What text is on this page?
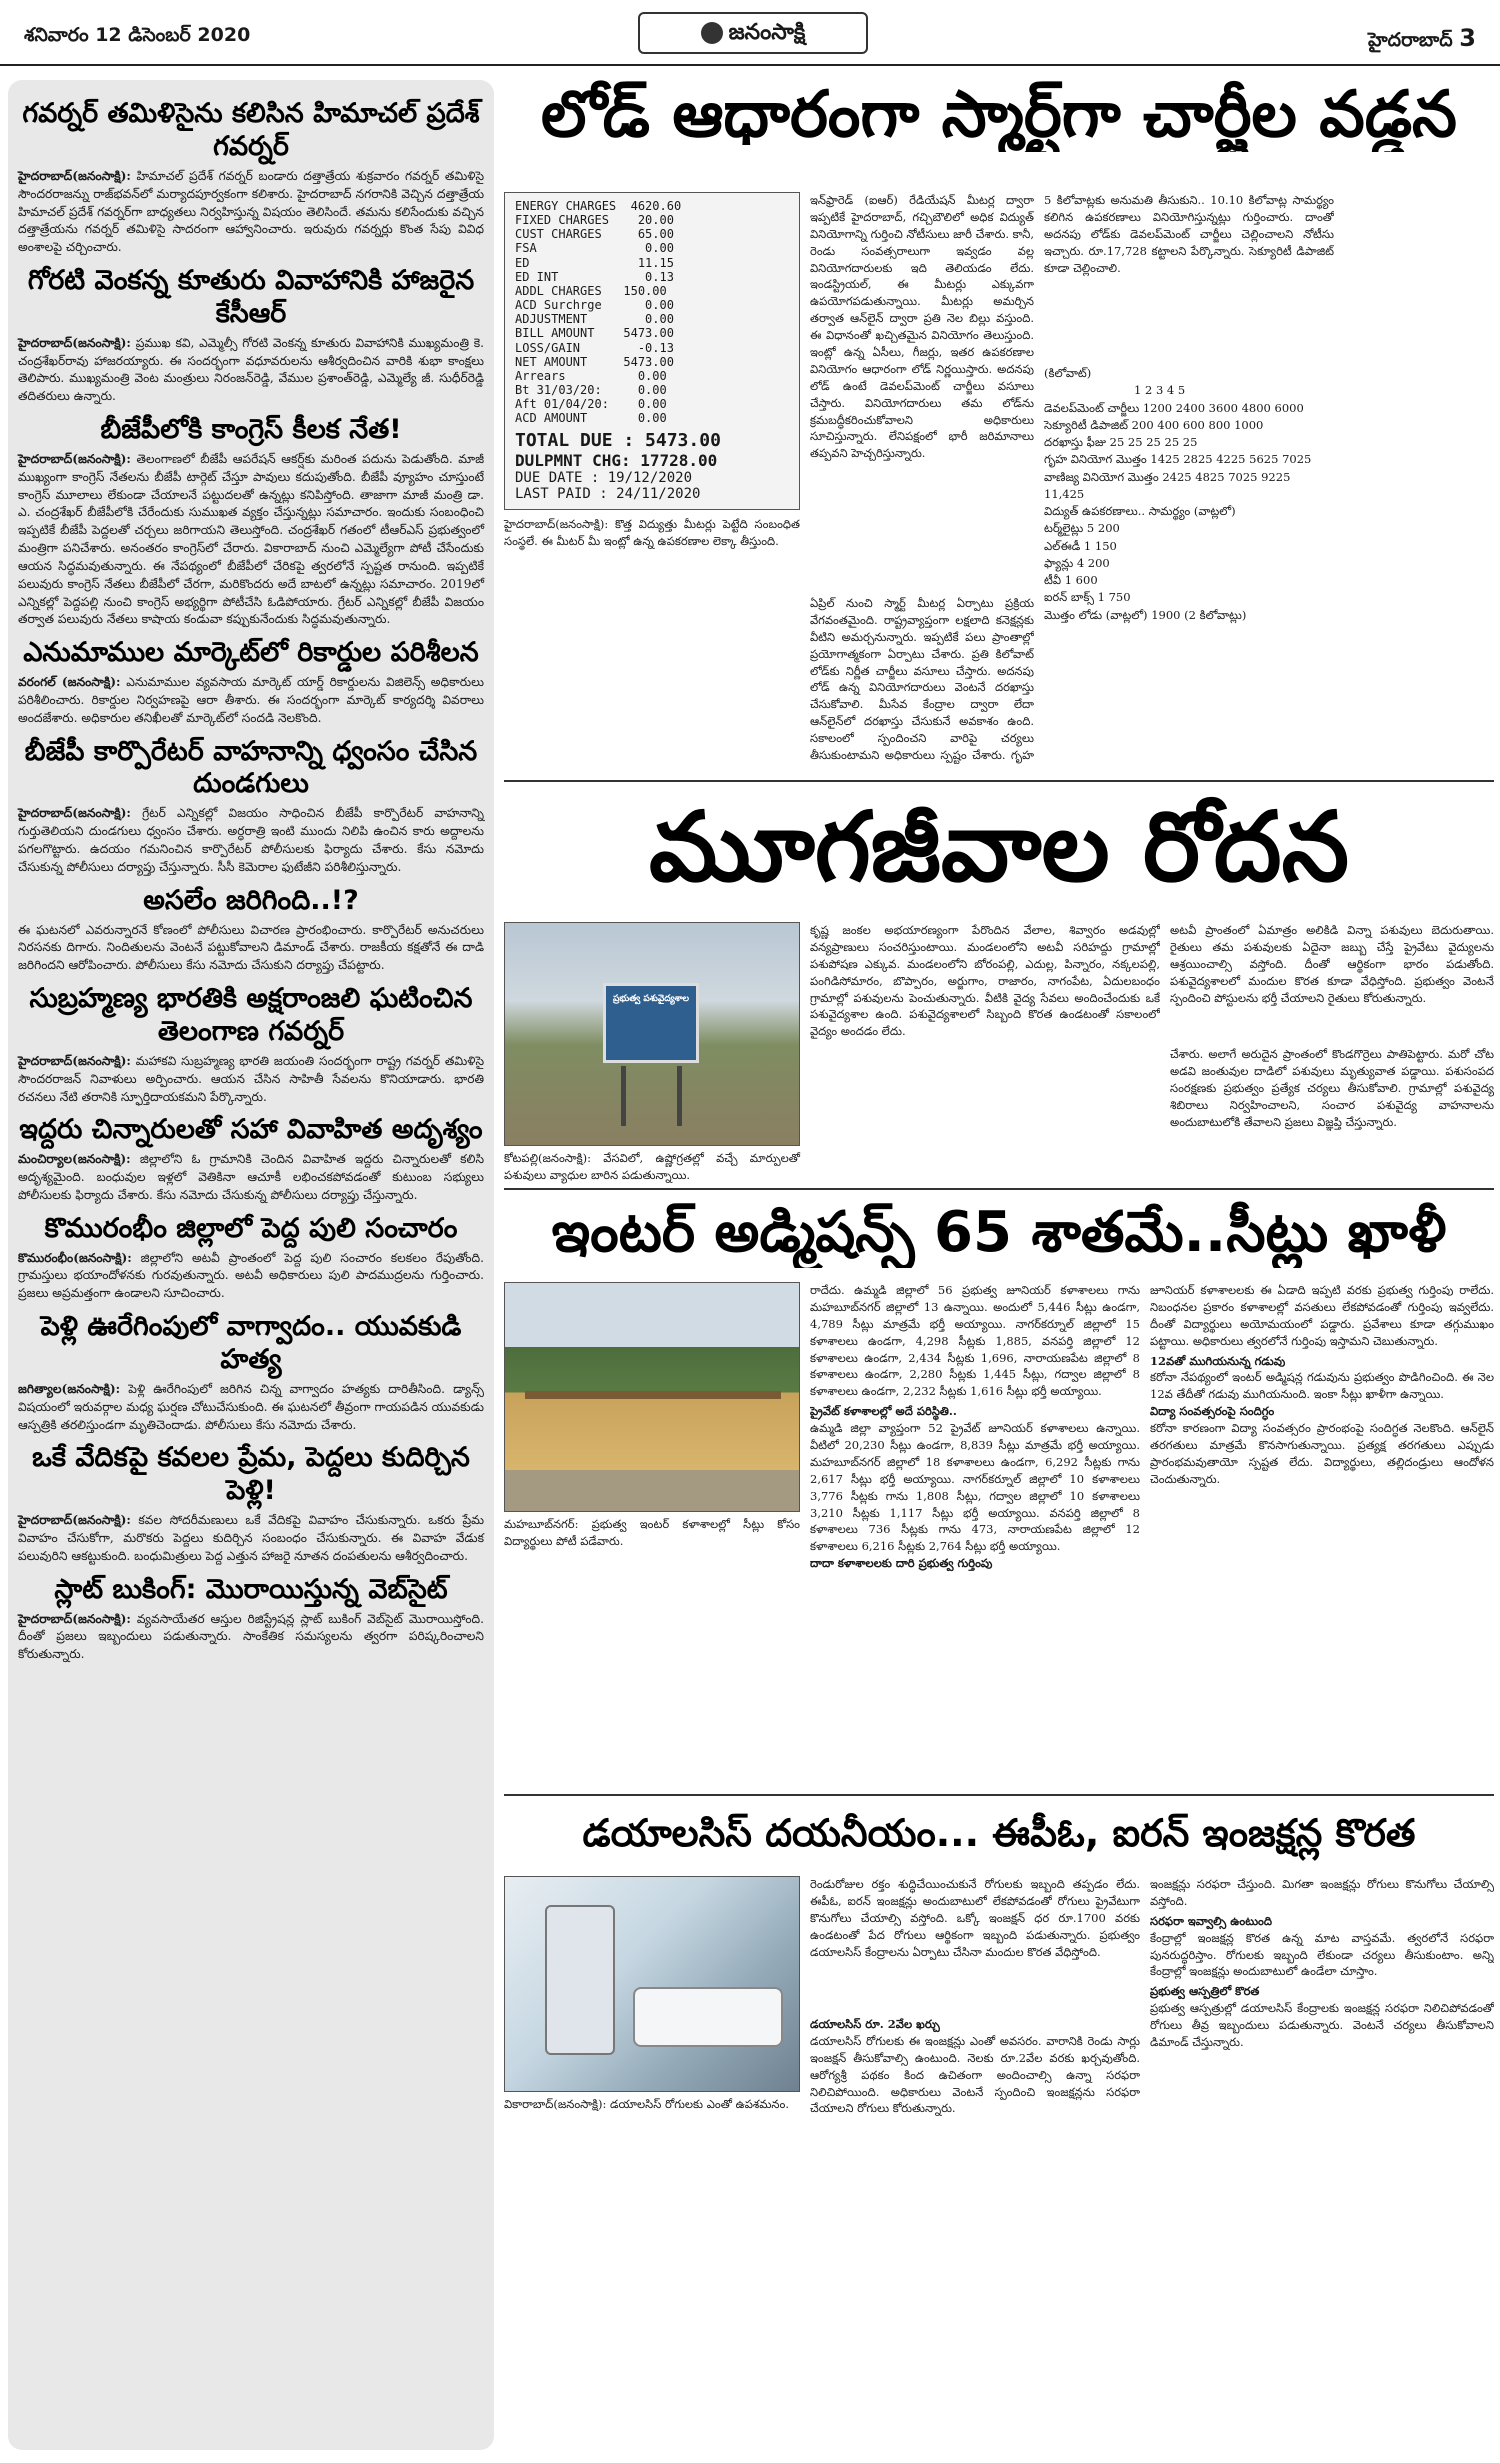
శనివారం 12 డిసెంబర్ 2020	జనంసాక్షి	హైదరాబాద్ 3
గవర్నర్ తమిళిసైను కలిసిన హిమాచల్ ప్రదేశ్ గవర్నర్

హైదరాబాద్(జనంసాక్షి): హిమాచల్ ప్రదేశ్ గవర్నర్ బండారు దత్తాత్రేయ శుక్రవారం గవర్నర్ తమిళిసై సౌందరరాజన్ను రాజ్‌భవన్‌లో మర్యాదపూర్వకంగా కలిశారు. హైదరాబాద్ నగరానికి వెచ్చిన దత్తాత్రేయ హిమాచల్ ప్రదేశ్ గవర్నర్‌గా బాధ్యతలు నిర్వహిస్తున్న విషయం తెలిసిందే. తమను కలిసేందుకు వచ్చిన దత్తాత్రేయను గవర్నర్ తమిళిసై సాదరంగా ఆహ్వానించారు. ఇరువురు గవర్నర్లు కొంత సేపు వివిధ అంశాలపై చర్చించారు.

గోరటి వెంకన్న కూతురు వివాహానికి హాజరైన కేసీఆర్

హైదరాబాద్(జనంసాక్షి): ప్రముఖ కవి, ఎమ్మెల్సీ గోరటి వెంకన్న కూతురు వివాహానికి ముఖ్యమంత్రి కె. చంద్రశేఖర్‌రావు హాజరయ్యారు. ఈ సందర్భంగా వధూవరులను ఆశీర్వదించిన వారికి శుభా కాంక్షలు తెలిపారు. ముఖ్యమంత్రి వెంట మంత్రులు నిరంజన్‌రెడ్డి, వేముల ప్రశాంత్‌రెడ్డి, ఎమ్మెల్యే జీ. సుధీర్‌రెడ్డి తదితరులు ఉన్నారు.

బీజేపీలోకి కాంగ్రెస్ కీలక నేత!

హైదరాబాద్(జనంసాక్షి): తెలంగాణలో బీజేపీ ఆపరేషన్ ఆకర్ష్‌కు మరింత పదును పెడుతోంది. మాజీ ముఖ్యంగా కాంగ్రెస్ నేతలను బీజేపీ టార్గెట్ చేస్తూ పావులు కదుపుతోంది. బీజేపీ వ్యూహం చూస్తుంటే కాంగ్రెస్ మూలాలు లేకుండా చేయాలనే పట్టుదలతో ఉన్నట్లు కనిపిస్తోంది. తాజాగా మాజీ మంత్రి డా. ఎ. చంద్రశేఖర్ బీజేపీలోకి చేరేందుకు సుముఖత వ్యక్తం చేస్తున్నట్లు సమాచారం. ఇందుకు సంబంధించి ఇప్పటికే బీజేపీ పెద్దలతో చర్చలు జరిగాయని తెలుస్తోంది. చంద్రశేఖర్ గతంలో టీఆర్‌ఎస్ ప్రభుత్వంలో మంత్రిగా పనిచేశారు. అనంతరం కాంగ్రెస్‌లో చేరారు. వికారాబాద్ నుంచి ఎమ్మెల్యేగా పోటీ చేసేందుకు ఆయన సిద్ధమవుతున్నారు. ఈ నేపథ్యంలో బీజేపీలో చేరికపై త్వరలోనే స్పష్టత రానుంది. ఇప్పటికే పలువురు కాంగ్రెస్ నేతలు బీజేపీలో చేరగా, మరికొందరు అదే బాటలో ఉన్నట్లు సమాచారం. 2019లో ఎన్నికల్లో పెద్దపల్లి నుంచి కాంగ్రెస్ అభ్యర్థిగా పోటీచేసి ఓడిపోయారు. గ్రేటర్ ఎన్నికల్లో బీజేపీ విజయం తర్వాత పలువురు నేతలు కాషాయ కండువా కప్పుకునేందుకు సిద్ధమవుతున్నారు.

ఎనుమాముల మార్కెట్‌లో రికార్డుల పరిశీలన

వరంగల్ (జనంసాక్షి): ఎనుమాముల వ్యవసాయ మార్కెట్ యార్డ్ రికార్డులను విజిలెన్స్ అధికారులు పరిశీలించారు. రికార్డుల నిర్వహణపై ఆరా తీశారు. ఈ సందర్భంగా మార్కెట్ కార్యదర్శి వివరాలు అందజేశారు. అధికారుల తనిఖీలతో మార్కెట్‌లో సందడి నెలకొంది.

బీజేపీ కార్పొరేటర్ వాహనాన్ని ధ్వంసం చేసిన దుండగులు

హైదరాబాద్(జనంసాక్షి): గ్రేటర్ ఎన్నికల్లో విజయం సాధించిన బీజేపీ కార్పొరేటర్ వాహనాన్ని గుర్తుతెలియని దుండగులు ధ్వంసం చేశారు. అర్ధరాత్రి ఇంటి ముందు నిలిపి ఉంచిన కారు అద్దాలను పగలగొట్టారు. ఉదయం గమనించిన కార్పొరేటర్ పోలీసులకు ఫిర్యాదు చేశారు. కేసు నమోదు చేసుకున్న పోలీసులు దర్యాప్తు చేస్తున్నారు. సీసీ కెమెరాల ఫుటేజీని పరిశీలిస్తున్నారు.

అసలేం జరిగింది..!?

ఈ ఘటనలో ఎవరున్నారనే కోణంలో పోలీసులు విచారణ ప్రారంభించారు. కార్పొరేటర్ అనుచరులు నిరసనకు దిగారు. నిందితులను వెంటనే పట్టుకోవాలని డిమాండ్ చేశారు. రాజకీయ కక్షతోనే ఈ దాడి జరిగిందని ఆరోపించారు. పోలీసులు కేసు నమోదు చేసుకుని దర్యాప్తు చేపట్టారు.

సుబ్రహ్మణ్య భారతికి అక్షరాంజలి ఘటించిన తెలంగాణ గవర్నర్

హైదరాబాద్(జనంసాక్షి): మహాకవి సుబ్రహ్మణ్య భారతి జయంతి సందర్భంగా రాష్ట్ర గవర్నర్ తమిళిసై సౌందరరాజన్ నివాళులు అర్పించారు. ఆయన చేసిన సాహితీ సేవలను కొనియాడారు. భారతి రచనలు నేటి తరానికి స్ఫూర్తిదాయకమని పేర్కొన్నారు.

ఇద్దరు చిన్నారులతో సహా వివాహిత అదృశ్యం

మంచిర్యాల(జనంసాక్షి): జిల్లాలోని ఓ గ్రామానికి చెందిన వివాహిత ఇద్దరు చిన్నారులతో కలిసి అదృశ్యమైంది. బంధువుల ఇళ్లలో వెతికినా ఆచూకీ లభించకపోవడంతో కుటుంబ సభ్యులు పోలీసులకు ఫిర్యాదు చేశారు. కేసు నమోదు చేసుకున్న పోలీసులు దర్యాప్తు చేస్తున్నారు.

కొమురంభీం జిల్లాలో పెద్ద పులి సంచారం

కొమురంభీం(జనంసాక్షి): జిల్లాలోని అటవీ ప్రాంతంలో పెద్ద పులి సంచారం కలకలం రేపుతోంది. గ్రామస్తులు భయాందోళనకు గురవుతున్నారు. అటవీ అధికారులు పులి పాదముద్రలను గుర్తించారు. ప్రజలు అప్రమత్తంగా ఉండాలని సూచించారు.

పెళ్లి ఊరేగింపులో వాగ్వాదం.. యువకుడి హత్య

జగిత్యాల(జనంసాక్షి): పెళ్లి ఊరేగింపులో జరిగిన చిన్న వాగ్వాదం హత్యకు దారితీసింది. డ్యాన్స్ విషయంలో ఇరువర్గాల మధ్య ఘర్షణ చోటుచేసుకుంది. ఈ ఘటనలో తీవ్రంగా గాయపడిన యువకుడు ఆస్పత్రికి తరలిస్తుండగా మృతిచెందాడు. పోలీసులు కేసు నమోదు చేశారు.

ఒకే వేదికపై కవలల ప్రేమ, పెద్దలు కుదిర్చిన పెళ్లి!

హైదరాబాద్(జనంసాక్షి): కవల సోదరీమణులు ఒకే వేదికపై వివాహం చేసుకున్నారు. ఒకరు ప్రేమ వివాహం చేసుకోగా, మరొకరు పెద్దలు కుదిర్చిన సంబంధం చేసుకున్నారు. ఈ వివాహ వేడుక పలువురిని ఆకట్టుకుంది. బంధుమిత్రులు పెద్ద ఎత్తున హాజరై నూతన దంపతులను ఆశీర్వదించారు.

స్లాట్ బుకింగ్: మొరాయిస్తున్న వెబ్‌సైట్

హైదరాబాద్(జనంసాక్షి): వ్యవసాయేతర ఆస్తుల రిజిస్ట్రేషన్ల స్లాట్ బుకింగ్ వెబ్‌సైట్ మొరాయిస్తోంది. దీంతో ప్రజలు ఇబ్బందులు పడుతున్నారు. సాంకేతిక సమస్యలను త్వరగా పరిష్కరించాలని కోరుతున్నారు.

లోడ్ ఆధారంగా స్మార్ట్‌గా చార్జీల వడ్డన
ENERGY CHARGES  4620.60
FIXED CHARGES    20.00
CUST CHARGES     65.00
FSA               0.00
ED               11.15
ED INT            0.13
ADDL CHARGES   150.00
ACD Surchrge      0.00
ADJUSTMENT        0.00
BILL AMOUNT    5473.00
LOSS/GAIN        -0.13
NET AMOUNT     5473.00
Arrears          0.00
Bt 31/03/20:     0.00
Aft 01/04/20:    0.00
ACD AMOUNT       0.00
TOTAL DUE : 5473.00
DULPMNT CHG: 17728.00
DUE DATE : 19/12/2020
LAST PAID : 24/11/2020
హైదరాబాద్(జనంసాక్షి): కొత్త విద్యుత్తు మీటర్లు పెట్టేది సంబంధిత సంస్థలే. ఈ మీటర్ మీ ఇంట్లో ఉన్న ఉపకరణాల లెక్కా తీస్తుంది.
ఇన్‌ఫ్రారెడ్ (ఐఆర్) రేడియేషన్ మీటర్ల ద్వారా ఇప్పటికే హైదరాబాద్, గచ్చిబౌలిలో అధిక విద్యుత్ వినియోగాన్ని గుర్తించి నోటీసులు జారీ చేశారు. కానీ, రెండు సంవత్సరాలుగా ఇవ్వడం వల్ల వినియోగదారులకు ఇది తెలియడం లేదు. ఇండస్ట్రియల్, ఈ మీటర్లు ఎక్కువగా ఉపయోగపడుతున్నాయి. మీటర్లు అమర్చిన తర్వాత ఆన్‌లైన్ ద్వారా ప్రతి నెల బిల్లు వస్తుంది. ఈ విధానంతో ఖచ్చితమైన వినియోగం తెలుస్తుంది. ఇంట్లో ఉన్న ఏసీలు, గీజర్లు, ఇతర ఉపకరణాల వినియోగం ఆధారంగా లోడ్ నిర్ణయిస్తారు. అదనపు లోడ్ ఉంటే డెవలప్‌మెంట్ చార్జీలు వసూలు చేస్తారు. వినియోగదారులు తమ లోడ్‌ను క్రమబద్ధీకరించుకోవాలని అధికారులు సూచిస్తున్నారు. లేనిపక్షంలో భారీ జరిమానాలు తప్పవని హెచ్చరిస్తున్నారు.
ఏప్రిల్ నుంచి స్మార్ట్ మీటర్ల ఏర్పాటు ప్రక్రియ వేగవంతమైంది. రాష్ట్రవ్యాప్తంగా లక్షలాది కనెక్షన్లకు వీటిని అమర్చనున్నారు. ఇప్పటికే పలు ప్రాంతాల్లో ప్రయోగాత్మకంగా ఏర్పాటు చేశారు. ప్రతి కిలోవాట్ లోడ్‌కు నిర్ణీత చార్జీలు వసూలు చేస్తారు. అదనపు లోడ్ ఉన్న వినియోగదారులు వెంటనే దరఖాస్తు చేసుకోవాలి. మీసేవ కేంద్రాల ద్వారా లేదా ఆన్‌లైన్‌లో దరఖాస్తు చేసుకునే అవకాశం ఉంది. సకాలంలో స్పందించని వారిపై చర్యలు తీసుకుంటామని అధికారులు స్పష్టం చేశారు. గృహ
5 కిలోవాట్లకు అనుమతి తీసుకుని.. 10.10 కిలోవాట్ల సామర్థ్యం కలిగిన ఉపకరణాలు వినియోగిస్తున్నట్లు గుర్తించారు. దాంతో అదనపు లోడ్‌కు డెవలప్‌మెంట్ చార్జీలు చెల్లించాలని నోటీసు ఇచ్చారు. రూ.17,728 కట్టాలని పేర్కొన్నారు. సెక్యూరిటీ డిపాజిట్ కూడా చెల్లించాలి.
(కిలోవాట్)
1 2 3 4 5
డెవలప్‌మెంట్ చార్జీలు 1200 2400 3600 4800 6000
సెక్యూరిటీ డిపాజిట్ 200 400 600 800 1000
దరఖాస్తు ఫీజు 25 25 25 25 25
గృహ వినియోగ మొత్తం 1425 2825 4225 5625 7025
వాణిజ్య వినియోగ మొత్తం 2425 4825 7025 9225 11,425
విద్యుత్ ఉపకరణాలు.. సామర్థ్యం (వాట్లలో)
టర్మ్‌లైట్లు 5 200
ఎల్ఈడీ 1 150
ఫ్యాన్లు 4 200
టీవీ 1 600
ఐరన్ బాక్స్ 1 750
మొత్తం లోడు (వాట్లలో) 1900 (2 కిలోవాట్లు)
మూగజీవాల రోదన
ప్రభుత్వ పశువైద్యశాల
కోటపల్లి(జనంసాక్షి): వేసవిలో, ఉష్ణోగ్రతల్లో వచ్చే మార్పులతో పశువులు వ్యాధుల బారిన పడుతున్నాయి.
కృష్ణ జంకల అభయారణ్యంగా పేరొందిన వేలాల, శివ్వారం అడవుల్లో వన్యప్రాణులు సంచరిస్తుంటాయి. మండలంలోని అటవీ సరిహద్దు గ్రామాల్లో పశుపోషణ ఎక్కువ. మండలంలోని బోరంపల్లి, ఎదుల్ల, పిన్నారం, నక్కలపల్లి, పంగిడిసోమారం, బొప్పారం, అర్జుగాం, రాజారం, నాగంపేట, ఏదులబంధం గ్రామాల్లో పశువులను పెంచుతున్నారు. వీటికి వైద్య సేవలు అందించేందుకు ఒకే పశువైద్యశాల ఉంది. పశువైద్యశాలలో సిబ్బంది కొరత ఉండటంతో సకాలంలో వైద్యం అందడం లేదు.
అటవీ ప్రాంతంలో ఏమాత్రం అలికిడి విన్నా పశువులు బెదురుతాయి. రైతులు తమ పశువులకు ఏదైనా జబ్బు చేస్తే ప్రైవేటు వైద్యులను ఆశ్రయించాల్సి వస్తోంది. దీంతో ఆర్థికంగా భారం పడుతోంది. పశువైద్యశాలలో మందుల కొరత కూడా వేధిస్తోంది. ప్రభుత్వం వెంటనే స్పందించి పోస్టులను భర్తీ చేయాలని రైతులు కోరుతున్నారు.
చేశారు. అలాగే అరుదైన ప్రాంతంలో కొండగొర్రెలు పాతిపెట్టారు. మరో చోట అడవి జంతువుల దాడిలో పశువులు మృత్యువాత పడ్డాయి. పశుసంపద సంరక్షణకు ప్రభుత్వం ప్రత్యేక చర్యలు తీసుకోవాలి. గ్రామాల్లో పశువైద్య శిబిరాలు నిర్వహించాలని, సంచార పశువైద్య వాహనాలను అందుబాటులోకి తేవాలని ప్రజలు విజ్ఞప్తి చేస్తున్నారు.
ఇంటర్ అడ్మిషన్స్ 65 శాతమే..సీట్లు ఖాళీ
మహబూబ్‌నగర్: ప్రభుత్వ ఇంటర్ కళాశాలల్లో సీట్లు కోసం విద్యార్థులు పోటీ పడేవారు.
రాదేదు. ఉమ్మడి జిల్లాలో 56 ప్రభుత్వ జూనియర్ కళాశాలలు గాను మహబూబ్‌నగర్ జిల్లాలో 13 ఉన్నాయి. అందులో 5,446 సీట్లు ఉండగా, 4,789 సీట్లు మాత్రమే భర్తీ అయ్యాయి. నాగర్‌కర్నూల్ జిల్లాలో 15 కళాశాలలు ఉండగా, 4,298 సీట్లకు 1,885, వనపర్తి జిల్లాలో 12 కళాశాలలు ఉండగా, 2,434 సీట్లకు 1,696, నారాయణపేట జిల్లాలో 8 కళాశాలలు ఉండగా, 2,280 సీట్లకు 1,445 సీట్లు, గద్వాల జిల్లాలో 8 కళాశాలలు ఉండగా, 2,232 సీట్లకు 1,616 సీట్లు భర్తీ అయ్యాయి.
ప్రైవేట్ కళాశాలల్లో అదే పరిస్థితి..
ఉమ్మడి జిల్లా వ్యాప్తంగా 52 ప్రైవేట్ జూనియర్ కళాశాలలు ఉన్నాయి. వీటిలో 20,230 సీట్లు ఉండగా, 8,839 సీట్లు మాత్రమే భర్తీ అయ్యాయి. మహబూబ్‌నగర్ జిల్లాలో 18 కళాశాలలు ఉండగా, 6,292 సీట్లకు గాను 2,617 సీట్లు భర్తీ అయ్యాయి. నాగర్‌కర్నూల్ జిల్లాలో 10 కళాశాలలు 3,776 సీట్లకు గాను 1,808 సీట్లు, గద్వాల జిల్లాలో 10 కళాశాలలు 3,210 సీట్లకు 1,117 సీట్లు భర్తీ అయ్యాయి. వనపర్తి జిల్లాలో 8 కళాశాలలు 736 సీట్లకు గాను 473, నారాయణపేట జిల్లాలో 12 కళాశాలలు 6,216 సీట్లకు 2,764 సీట్లు భర్తీ అయ్యాయి.
దాదా కళాశాలలకు దారి ప్రభుత్వ గుర్తింపు
జూనియర్ కళాశాలలకు ఈ ఏడాది ఇప్పటి వరకు ప్రభుత్వ గుర్తింపు రాలేదు. నిబంధనల ప్రకారం కళాశాలల్లో వసతులు లేకపోవడంతో గుర్తింపు ఇవ్వలేదు. దీంతో విద్యార్థులు అయోమయంలో పడ్డారు. ప్రవేశాలు కూడా తగ్గుముఖం పట్టాయి. అధికారులు త్వరలోనే గుర్తింపు ఇస్తామని చెబుతున్నారు.
12వతో ముగియనున్న గడువు
కరోనా నేపథ్యంలో ఇంటర్ అడ్మిషన్ల గడువును ప్రభుత్వం పొడిగించింది. ఈ నెల 12వ తేదీతో గడువు ముగియనుంది. ఇంకా సీట్లు ఖాళీగా ఉన్నాయి.
విద్యా సంవత్సరంపై సందిగ్ధం
కరోనా కారణంగా విద్యా సంవత్సరం ప్రారంభంపై సందిగ్ధత నెలకొంది. ఆన్‌లైన్ తరగతులు మాత్రమే కొనసాగుతున్నాయి. ప్రత్యక్ష తరగతులు ఎప్పుడు ప్రారంభమవుతాయో స్పష్టత లేదు. విద్యార్థులు, తల్లిదండ్రులు ఆందోళన చెందుతున్నారు.
డయాలసిస్ దయనీయం... ఈపీఓ, ఐరన్ ఇంజక్షన్ల కొరత
వికారాబాద్(జనంసాక్షి): డయాలసిస్ రోగులకు ఎంతో ఉపశమనం.
రెండురోజుల రక్తం శుద్ధిచేయించుకునే రోగులకు ఇబ్బంది తప్పడం లేదు. ఈపీఓ, ఐరన్ ఇంజక్షన్లు అందుబాటులో లేకపోవడంతో రోగులు ప్రైవేటుగా కొనుగోలు చేయాల్సి వస్తోంది. ఒక్కో ఇంజక్షన్ ధర రూ.1700 వరకు ఉండటంతో పేద రోగులు ఆర్థికంగా ఇబ్బంది పడుతున్నారు. ప్రభుత్వం డయాలసిస్ కేంద్రాలను ఏర్పాటు చేసినా మందుల కొరత వేధిస్తోంది.
డయాలసిస్ రూ. 2వేల ఖర్చు
డయాలసిస్ రోగులకు ఈ ఇంజక్షన్లు ఎంతో అవసరం. వారానికి రెండు సార్లు ఇంజక్షన్ తీసుకోవాల్సి ఉంటుంది. నెలకు రూ.2వేల వరకు ఖర్చవుతోంది. ఆరోగ్యశ్రీ పథకం కింద ఉచితంగా అందించాల్సి ఉన్నా సరఫరా నిలిచిపోయింది. అధికారులు వెంటనే స్పందించి ఇంజక్షన్లను సరఫరా చేయాలని రోగులు కోరుతున్నారు.
ఇంజక్షన్లు సరఫరా చేస్తుంది. మిగతా ఇంజక్షన్లు రోగులు కొనుగోలు చేయాల్సి వస్తోంది.
సరఫరా ఇవ్వాల్సి ఉంటుంది
కేంద్రాల్లో ఇంజక్షన్ల కొరత ఉన్న మాట వాస్తవమే. త్వరలోనే సరఫరా పునరుద్ధరిస్తాం. రోగులకు ఇబ్బంది లేకుండా చర్యలు తీసుకుంటాం. అన్ని కేంద్రాల్లో ఇంజక్షన్లు అందుబాటులో ఉండేలా చూస్తాం.
ప్రభుత్వ ఆస్పత్రిలో కొరత
ప్రభుత్వ ఆస్పత్రుల్లో డయాలసిస్ కేంద్రాలకు ఇంజక్షన్ల సరఫరా నిలిచిపోవడంతో రోగులు తీవ్ర ఇబ్బందులు పడుతున్నారు. వెంటనే చర్యలు తీసుకోవాలని డిమాండ్ చేస్తున్నారు.
